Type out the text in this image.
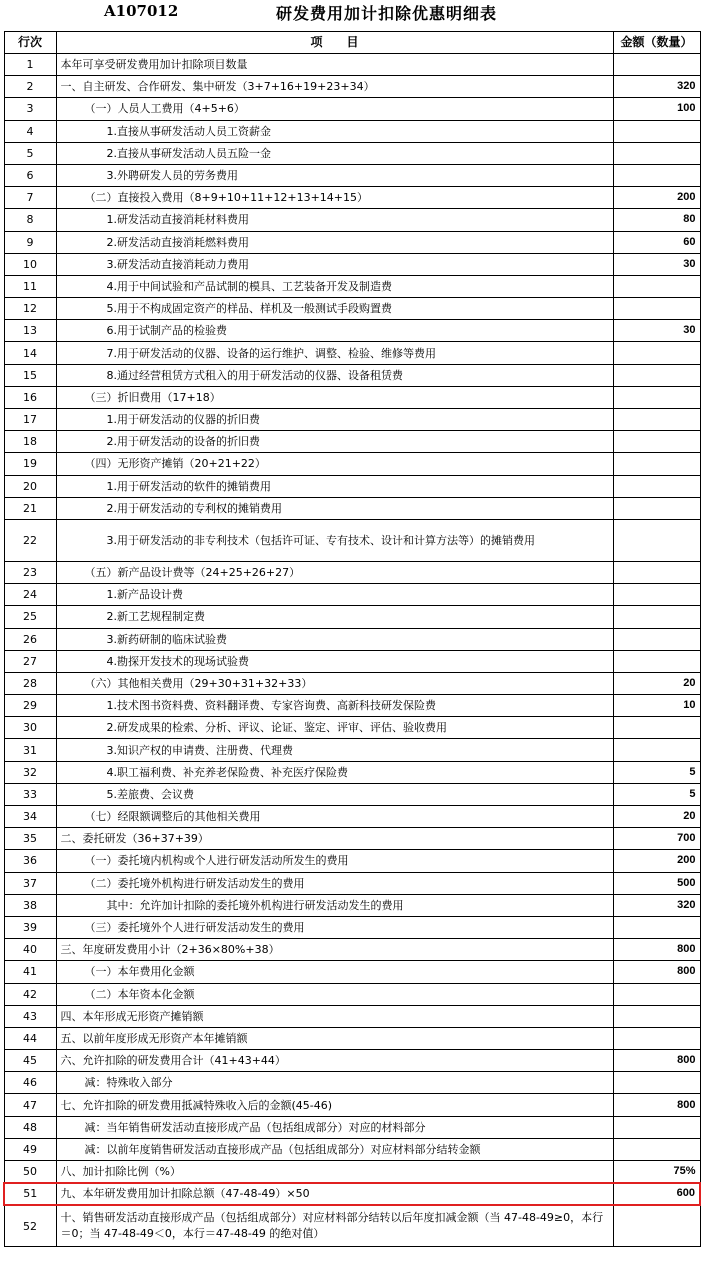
A107012	研发费用加计扣除优惠明细表
行次	项　　目	金额（数量）
1	本年可享受研发费用加计扣除项目数量	
2	一、自主研发、合作研发、集中研发（3+7+16+19+23+34）	320
3	（一）人员人工费用（4+5+6）	100
4	1.直接从事研发活动人员工资薪金	
5	2.直接从事研发活动人员五险一金	
6	3.外聘研发人员的劳务费用	
7	（二）直接投入费用（8+9+10+11+12+13+14+15）	200
8	1.研发活动直接消耗材料费用	80
9	2.研发活动直接消耗燃料费用	60
10	3.研发活动直接消耗动力费用	30
11	4.用于中间试验和产品试制的模具、工艺装备开发及制造费	
12	5.用于不构成固定资产的样品、样机及一般测试手段购置费	
13	6.用于试制产品的检验费	30
14	7.用于研发活动的仪器、设备的运行维护、调整、检验、维修等费用	
15	8.通过经营租赁方式租入的用于研发活动的仪器、设备租赁费	
16	（三）折旧费用（17+18）	
17	1.用于研发活动的仪器的折旧费	
18	2.用于研发活动的设备的折旧费	
19	（四）无形资产摊销（20+21+22）	
20	1.用于研发活动的软件的摊销费用	
21	2.用于研发活动的专利权的摊销费用	
22	3.用于研发活动的非专利技术（包括许可证、专有技术、设计和计算方法等）的摊销费用	
23	（五）新产品设计费等（24+25+26+27）	
24	1.新产品设计费	
25	2.新工艺规程制定费	
26	3.新药研制的临床试验费	
27	4.勘探开发技术的现场试验费	
28	（六）其他相关费用（29+30+31+32+33）	20
29	1.技术图书资料费、资料翻译费、专家咨询费、高新科技研发保险费	10
30	2.研发成果的检索、分析、评议、论证、鉴定、评审、评估、验收费用	
31	3.知识产权的申请费、注册费、代理费	
32	4.职工福利费、补充养老保险费、补充医疗保险费	5
33	5.差旅费、会议费	5
34	（七）经限额调整后的其他相关费用	20
35	二、委托研发（36+37+39）	700
36	（一）委托境内机构或个人进行研发活动所发生的费用	200
37	（二）委托境外机构进行研发活动发生的费用	500
38	其中：允许加计扣除的委托境外机构进行研发活动发生的费用	320
39	（三）委托境外个人进行研发活动发生的费用	
40	三、年度研发费用小计（2+36×80%+38）	800
41	（一）本年费用化金额	800
42	（二）本年资本化金额	
43	四、本年形成无形资产摊销额	
44	五、以前年度形成无形资产本年摊销额	
45	六、允许扣除的研发费用合计（41+43+44）	800
46	减：特殊收入部分	
47	七、允许扣除的研发费用抵减特殊收入后的金额(45-46)	800
48	减：当年销售研发活动直接形成产品（包括组成部分）对应的材料部分	
49	减：以前年度销售研发活动直接形成产品（包括组成部分）对应材料部分结转金额	
50	八、加计扣除比例（%）	75%
51	九、本年研发费用加计扣除总额（47-48-49）×50	600
52	十、销售研发活动直接形成产品（包括组成部分）对应材料部分结转以后年度扣减金额（当 47-48-49≥0，本行＝0；当 47-48-49＜0，本行＝47-48-49 的绝对值）	
